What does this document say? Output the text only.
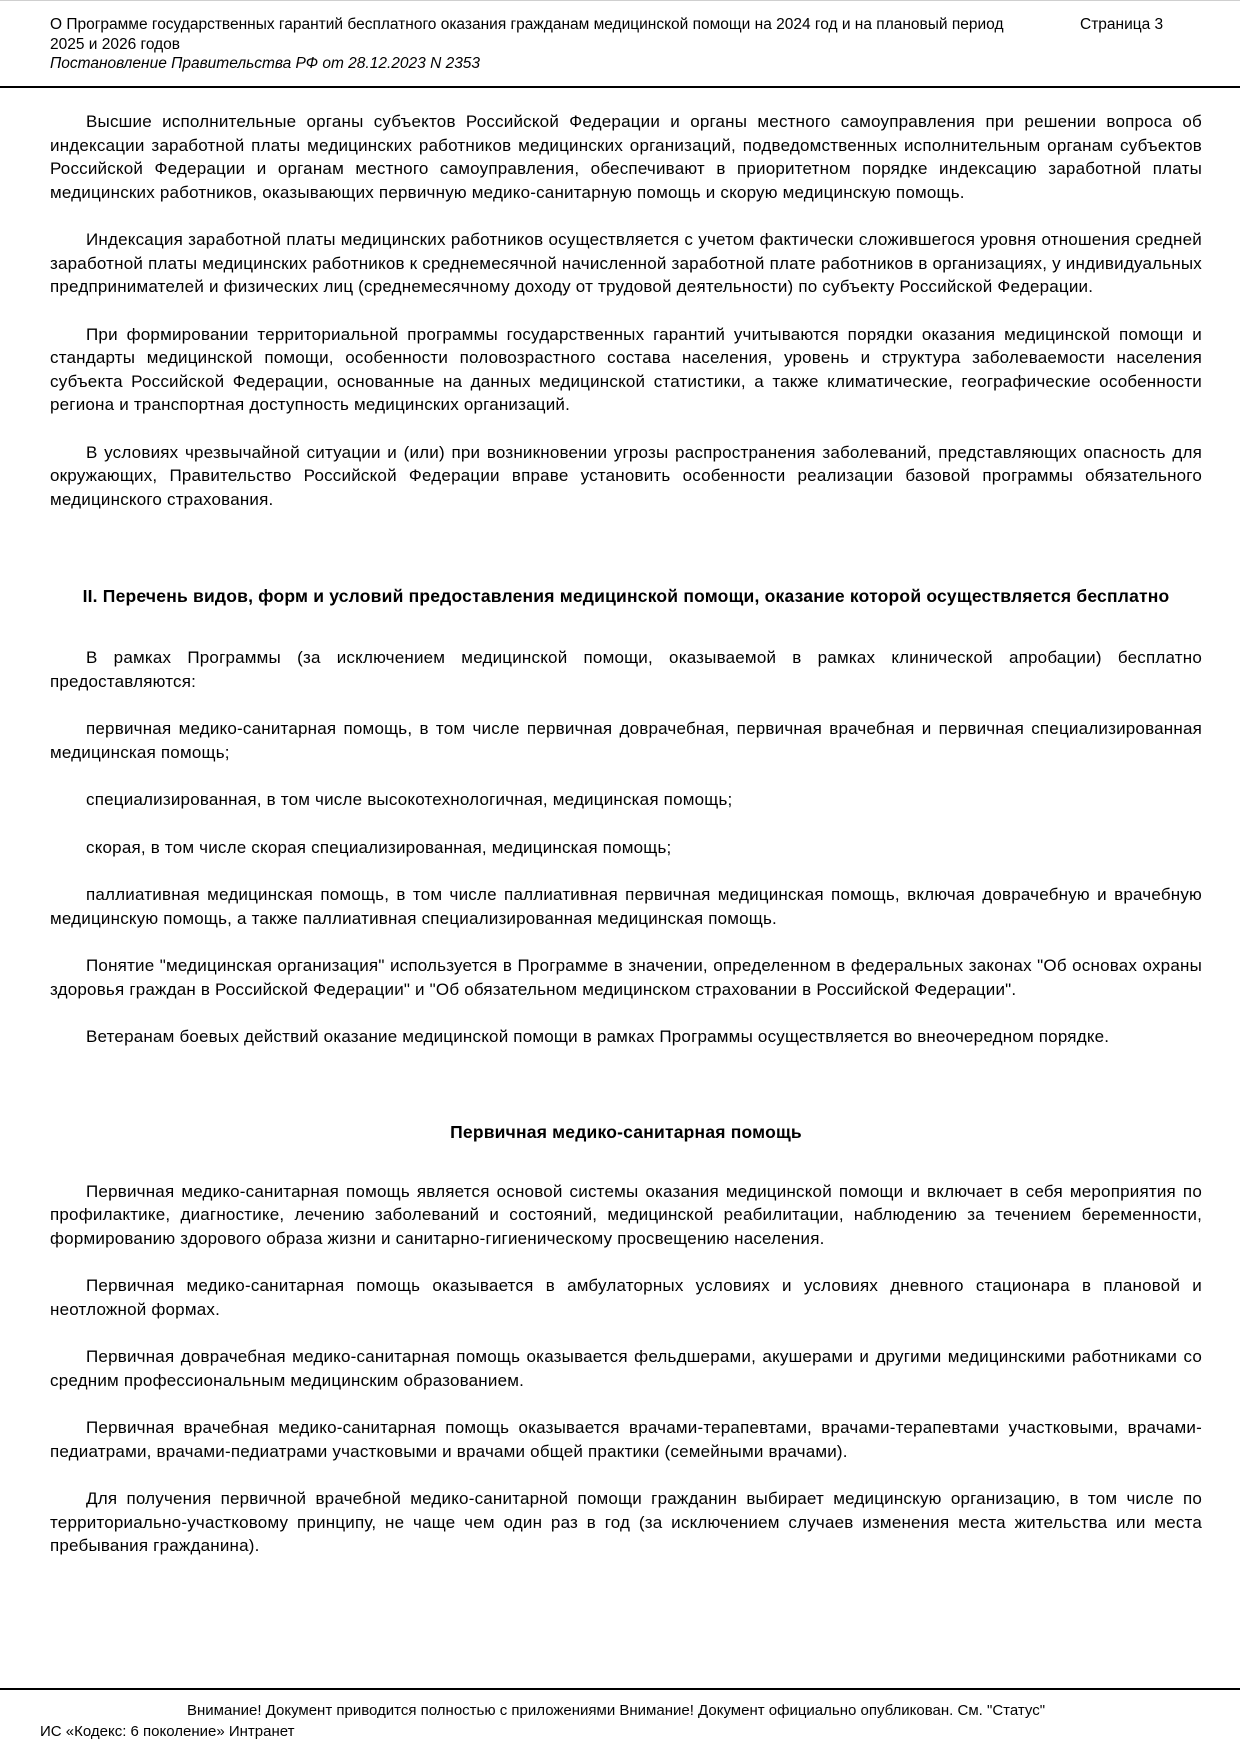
О Программе государственных гарантий бесплатного оказания гражданам медицинской помощи на 2024 год и на плановый период 2025 и 2026 годов
Постановление Правительства РФ от 28.12.2023 N 2353
Страница 3

Высшие исполнительные органы субъектов Российской Федерации и органы местного самоуправления при решении вопроса об индексации заработной платы медицинских работников медицинских организаций, подведомственных исполнительным органам субъектов Российской Федерации и органам местного самоуправления, обеспечивают в приоритетном порядке индексацию заработной платы медицинских работников, оказывающих первичную медико-санитарную помощь и скорую медицинскую помощь.

Индексация заработной платы медицинских работников осуществляется с учетом фактически сложившегося уровня отношения средней заработной платы медицинских работников к среднемесячной начисленной заработной плате работников в организациях, у индивидуальных предпринимателей и физических лиц (среднемесячному доходу от трудовой деятельности) по субъекту Российской Федерации.

При формировании территориальной программы государственных гарантий учитываются порядки оказания медицинской помощи и стандарты медицинской помощи, особенности половозрастного состава населения, уровень и структура заболеваемости населения субъекта Российской Федерации, основанные на данных медицинской статистики, а также климатические, географические особенности региона и транспортная доступность медицинских организаций.

В условиях чрезвычайной ситуации и (или) при возникновении угрозы распространения заболеваний, представляющих опасность для окружающих, Правительство Российской Федерации вправе установить особенности реализации базовой программы обязательного медицинского страхования.

II. Перечень видов, форм и условий предоставления медицинской помощи, оказание которой осуществляется бесплатно

В рамках Программы (за исключением медицинской помощи, оказываемой в рамках клинической апробации) бесплатно предоставляются:

первичная медико-санитарная помощь, в том числе первичная доврачебная, первичная врачебная и первичная специализированная медицинская помощь;

специализированная, в том числе высокотехнологичная, медицинская помощь;

скорая, в том числе скорая специализированная, медицинская помощь;

паллиативная медицинская помощь, в том числе паллиативная первичная медицинская помощь, включая доврачебную и врачебную медицинскую помощь, а также паллиативная специализированная медицинская помощь.

Понятие "медицинская организация" используется в Программе в значении, определенном в федеральных законах "Об основах охраны здоровья граждан в Российской Федерации" и "Об обязательном медицинском страховании в Российской Федерации".

Ветеранам боевых действий оказание медицинской помощи в рамках Программы осуществляется во внеочередном порядке.

Первичная медико-санитарная помощь

Первичная медико-санитарная помощь является основой системы оказания медицинской помощи и включает в себя мероприятия по профилактике, диагностике, лечению заболеваний и состояний, медицинской реабилитации, наблюдению за течением беременности, формированию здорового образа жизни и санитарно-гигиеническому просвещению населения.

Первичная медико-санитарная помощь оказывается в амбулаторных условиях и условиях дневного стационара в плановой и неотложной формах.

Первичная доврачебная медико-санитарная помощь оказывается фельдшерами, акушерами и другими медицинскими работниками со средним профессиональным медицинским образованием.

Первичная врачебная медико-санитарная помощь оказывается врачами-терапевтами, врачами-терапевтами участковыми, врачами-педиатрами, врачами-педиатрами участковыми и врачами общей практики (семейными врачами).

Для получения первичной врачебной медико-санитарной помощи гражданин выбирает медицинскую организацию, в том числе по территориально-участковому принципу, не чаще чем один раз в год (за исключением случаев изменения места жительства или места пребывания гражданина).

Внимание! Документ приводится полностью с приложениями Внимание! Документ официально опубликован. См. "Статус"
ИС «Кодекс: 6 поколение» Интранет
